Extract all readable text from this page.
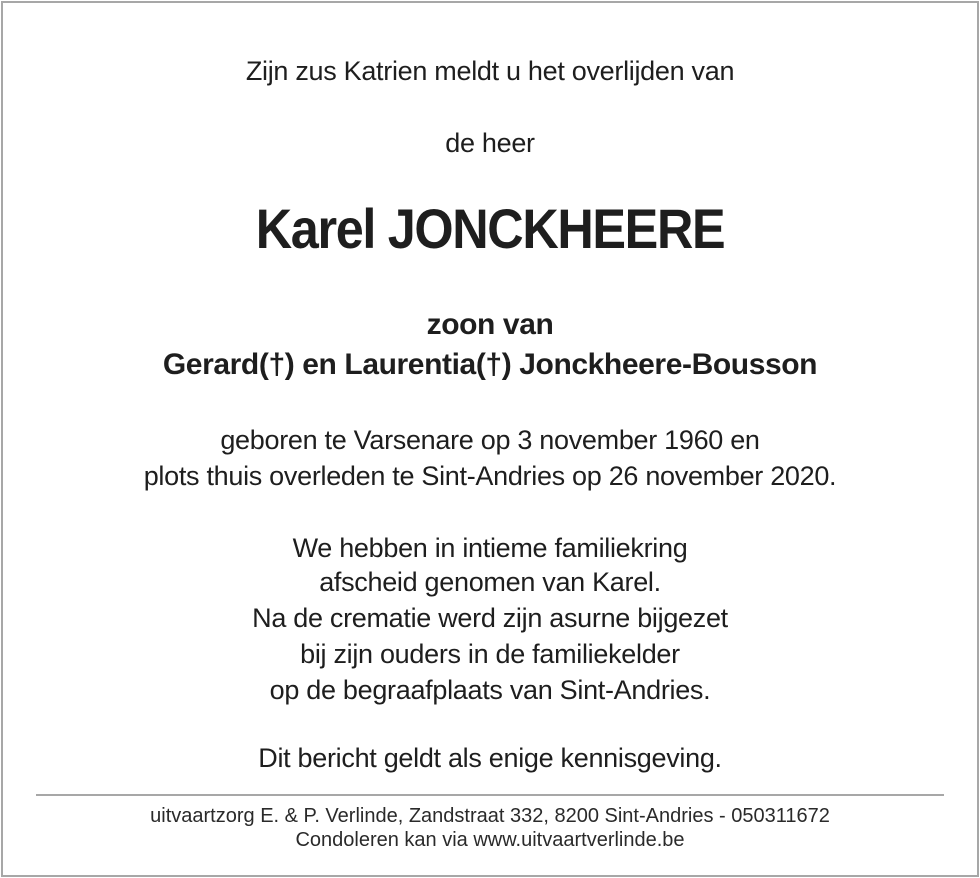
Zijn zus Katrien meldt u het overlijden van
de heer
Karel JONCKHEERE
zoon van
Gerard(†) en Laurentia(†) Jonckheere-Bousson
geboren te Varsenare op 3 november 1960 en
plots thuis overleden te Sint-Andries op 26 november 2020.
We hebben in intieme familiekring
afscheid genomen van Karel.
Na de crematie werd zijn asurne bijgezet
bij zijn ouders in de familiekelder
op de begraafplaats van Sint-Andries.
Dit bericht geldt als enige kennisgeving.
uitvaartzorg E. & P. Verlinde, Zandstraat 332, 8200 Sint-Andries - 050311672
Condoleren kan via www.uitvaartverlinde.be
